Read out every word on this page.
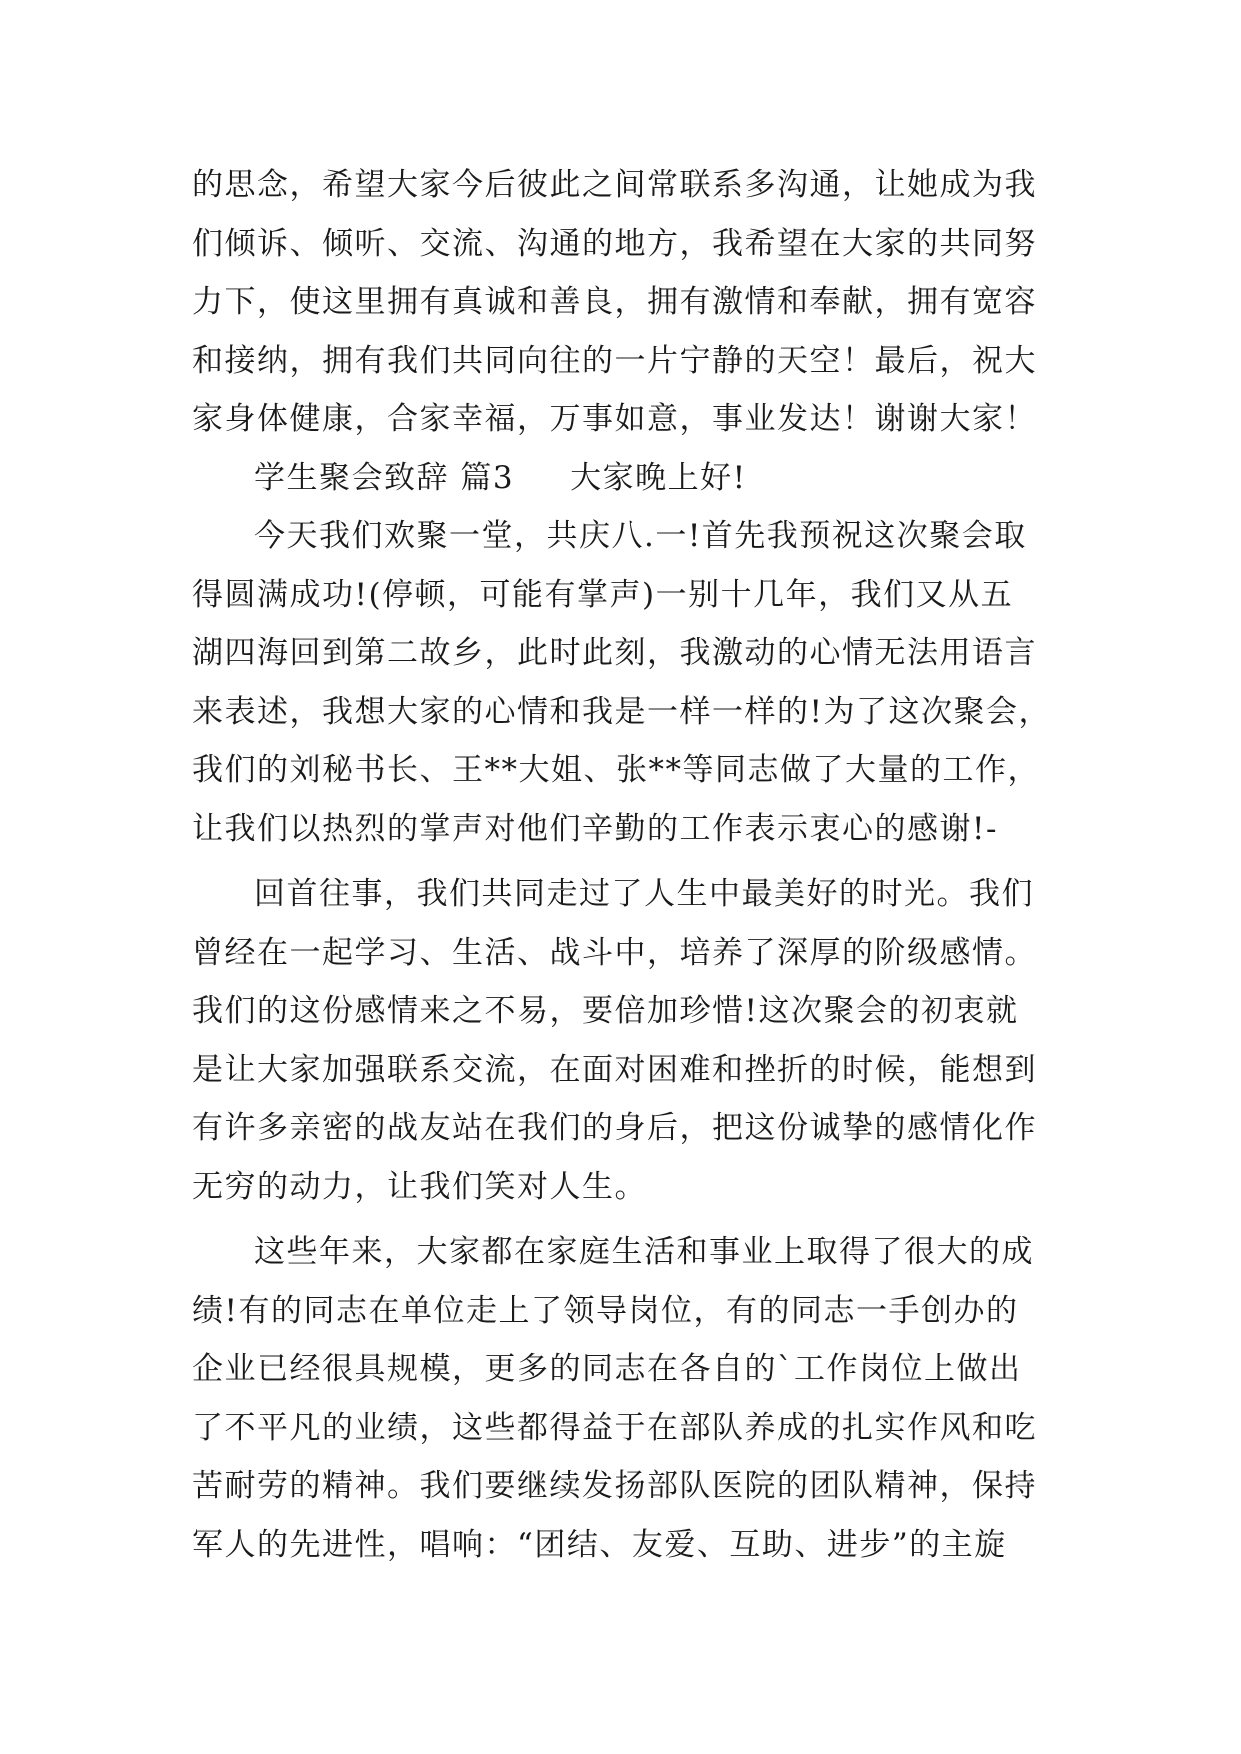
的思念，希望大家今后彼此之间常联系多沟通，让她成为我
们倾诉、倾听、交流、沟通的地方，我希望在大家的共同努
力下，使这里拥有真诚和善良，拥有激情和奉献，拥有宽容
和接纳，拥有我们共同向往的一片宁静的天空！最后，祝大
家身体健康，合家幸福，万事如意，事业发达！谢谢大家！
学生聚会致辞 篇3 大家晚上好!
今天我们欢聚一堂，共庆八.一!首先我预祝这次聚会取
得圆满成功!(停顿，可能有掌声)一别十几年，我们又从五
湖四海回到第二故乡，此时此刻，我激动的心情无法用语言
来表述，我想大家的心情和我是一样一样的!为了这次聚会，
我们的刘秘书长、王**大姐、张**等同志做了大量的工作，
让我们以热烈的掌声对他们辛勤的工作表示衷心的感谢!-
回首往事，我们共同走过了人生中最美好的时光。我们
曾经在一起学习、生活、战斗中，培养了深厚的阶级感情。
我们的这份感情来之不易，要倍加珍惜!这次聚会的初衷就
是让大家加强联系交流，在面对困难和挫折的时候，能想到
有许多亲密的战友站在我们的身后，把这份诚挚的感情化作
无穷的动力，让我们笑对人生。
这些年来，大家都在家庭生活和事业上取得了很大的成
绩!有的同志在单位走上了领导岗位，有的同志一手创办的
企业已经很具规模，更多的同志在各自的`工作岗位上做出
了不平凡的业绩，这些都得益于在部队养成的扎实作风和吃
苦耐劳的精神。我们要继续发扬部队医院的团队精神，保持
军人的先进性，唱响：“团结、友爱、互助、进步”的主旋
